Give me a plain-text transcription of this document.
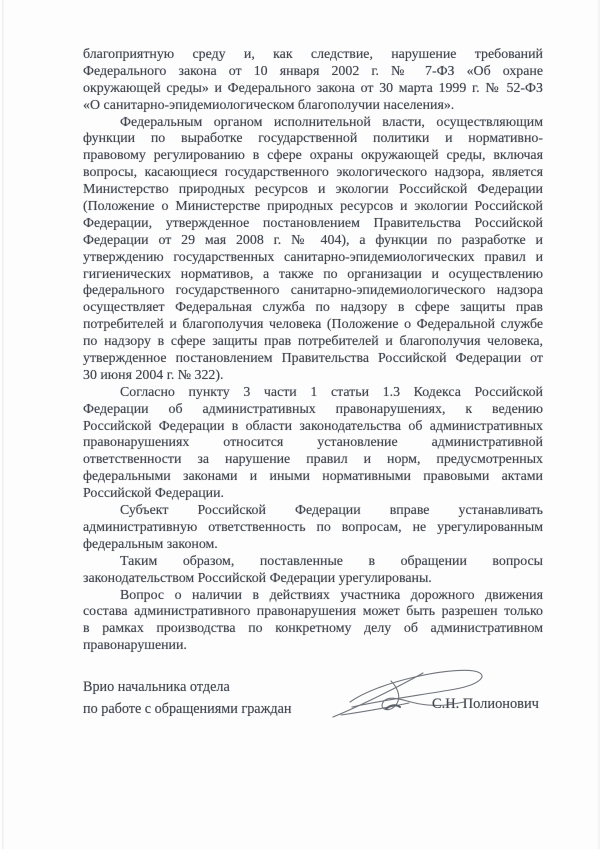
благоприятную среду и, как следствие, нарушение требований
Федерального закона от 10 января 2002 г. № 7-ФЗ «Об охране
окружающей среды» и Федерального закона от 30 марта 1999 г. № 52-ФЗ
«О санитарно-эпидемиологическом благополучии населения».
Федеральным органом исполнительной власти, осуществляющим
функции по выработке государственной политики и нормативно-
правовому регулированию в сфере охраны окружающей среды, включая
вопросы, касающиеся государственного экологического надзора, является
Министерство природных ресурсов и экологии Российской Федерации
(Положение о Министерстве природных ресурсов и экологии Российской
Федерации, утвержденное постановлением Правительства Российской
Федерации от 29 мая 2008 г. № 404), а функции по разработке и
утверждению государственных санитарно-эпидемиологических правил и
гигиенических нормативов, а также по организации и осуществлению
федерального государственного санитарно-эпидемиологического надзора
осуществляет Федеральная служба по надзору в сфере защиты прав
потребителей и благополучия человека (Положение о Федеральной службе
по надзору в сфере защиты прав потребителей и благополучия человека,
утвержденное постановлением Правительства Российской Федерации от
30 июня 2004 г. № 322).
Согласно пункту 3 части 1 статьи 1.3 Кодекса Российской
Федерации об административных правонарушениях, к ведению
Российской Федерации в области законодательства об административных
правонарушениях относится установление административной
ответственности за нарушение правил и норм, предусмотренных
федеральными законами и иными нормативными правовыми актами
Российской Федерации.
Субъект Российской Федерации вправе устанавливать
административную ответственность по вопросам, не урегулированным
федеральным законом.
Таким образом, поставленные в обращении вопросы
законодательством Российской Федерации урегулированы.
Вопрос о наличии в действиях участника дорожного движения
состава административного правонарушения может быть разрешен только
в рамках производства по конкретному делу об административном
правонарушении.
Врио начальника отдела
по работе с обращениями граждан	С.Н. Полионович
